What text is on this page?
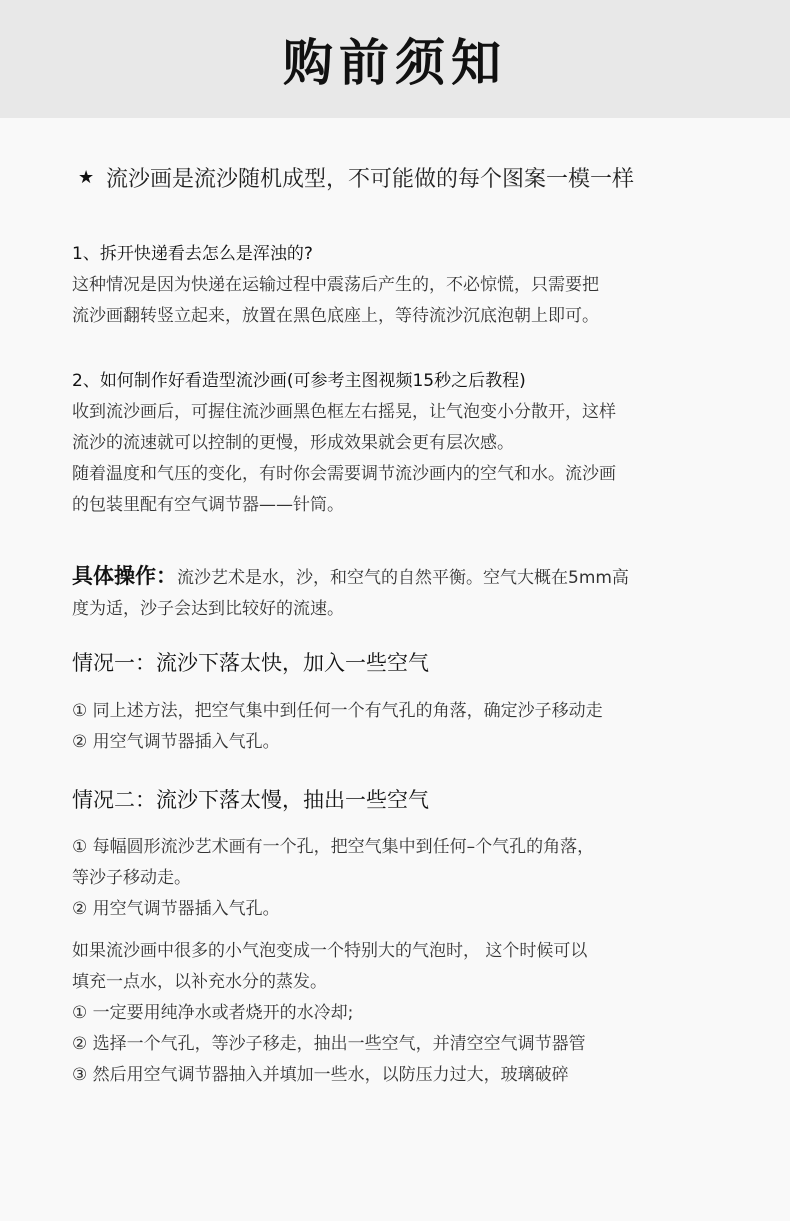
购前须知
★ 流沙画是流沙随机成型，不可能做的每个图案一模一样
1、拆开快递看去怎么是浑浊的?
这种情况是因为快递在运输过程中震荡后产生的，不必惊慌，只需要把
流沙画翻转竖立起来，放置在黑色底座上，等待流沙沉底泡朝上即可。
2、如何制作好看造型流沙画(可参考主图视频15秒之后教程)
收到流沙画后，可握住流沙画黑色框左右摇晃，让气泡变小分散开，这样
流沙的流速就可以控制的更慢，形成效果就会更有层次感。
随着温度和气压的变化，有时你会需要调节流沙画内的空气和水。流沙画
的包装里配有空气调节器——针筒。
具体操作：流沙艺术是水，沙，和空气的自然平衡。空气大概在5mm高
度为适，沙子会达到比较好的流速。
情况一：流沙下落太快，加入一些空气
① 同上述方法，把空气集中到任何一个有气孔的角落，确定沙子移动走
② 用空气调节器插入气孔。
情况二：流沙下落太慢，抽出一些空气
① 每幅圆形流沙艺术画有一个孔，把空气集中到任何–个气孔的角落，
等沙子移动走。
② 用空气调节器插入气孔。
如果流沙画中很多的小气泡变成一个特别大的气泡时， 这个时候可以
填充一点水，以补充水分的蒸发。
① 一定要用纯净水或者烧开的水冷却;
② 选择一个气孔，等沙子移走，抽出一些空气，并清空空气调节器管
③ 然后用空气调节器抽入并填加一些水，以防压力过大，玻璃破碎
